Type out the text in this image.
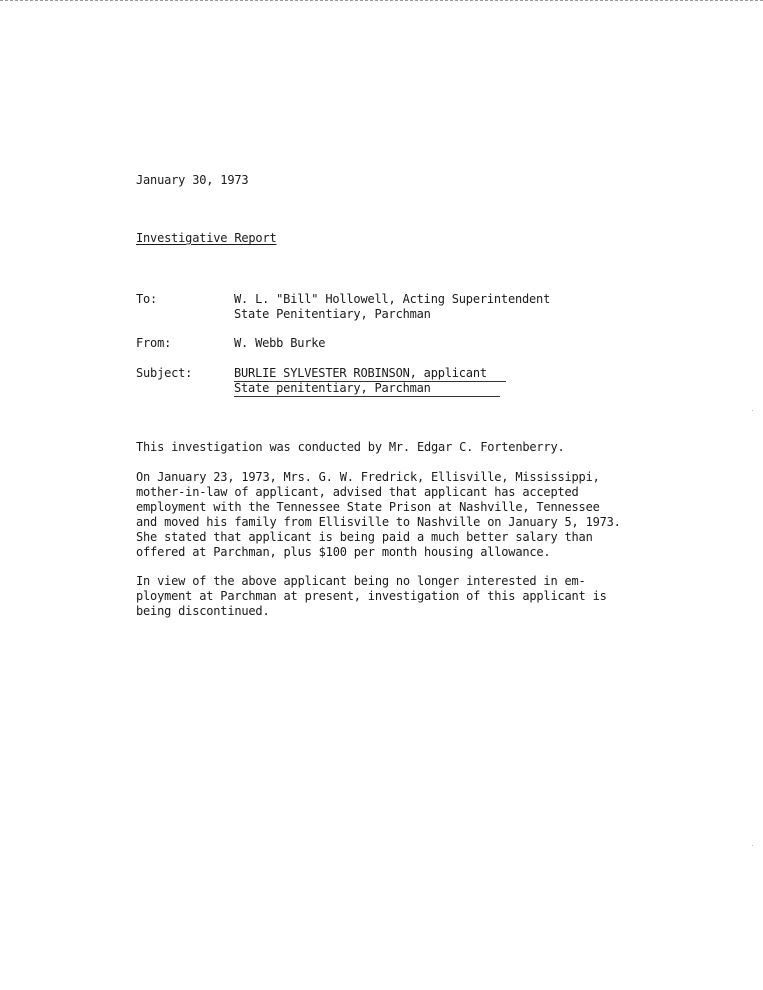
January 30, 1973
Investigative Report
To:	W. L. "Bill" Hollowell, Acting Superintendent
State Penitentiary, Parchman
From:	W. Webb Burke
Subject:	BURLIE SYLVESTER ROBINSON, applicant
State penitentiary, Parchman
This investigation was conducted by Mr. Edgar C. Fortenberry.
On January 23, 1973, Mrs. G. W. Fredrick, Ellisville, Mississippi,
mother-in-law of applicant, advised that applicant has accepted
employment with the Tennessee State Prison at Nashville, Tennessee
and moved his family from Ellisville to Nashville on January 5, 1973.
She stated that applicant is being paid a much better salary than
offered at Parchman, plus $100 per month housing allowance.
In view of the above applicant being no longer interested in em-
ployment at Parchman at present, investigation of this applicant is
being discontinued.
